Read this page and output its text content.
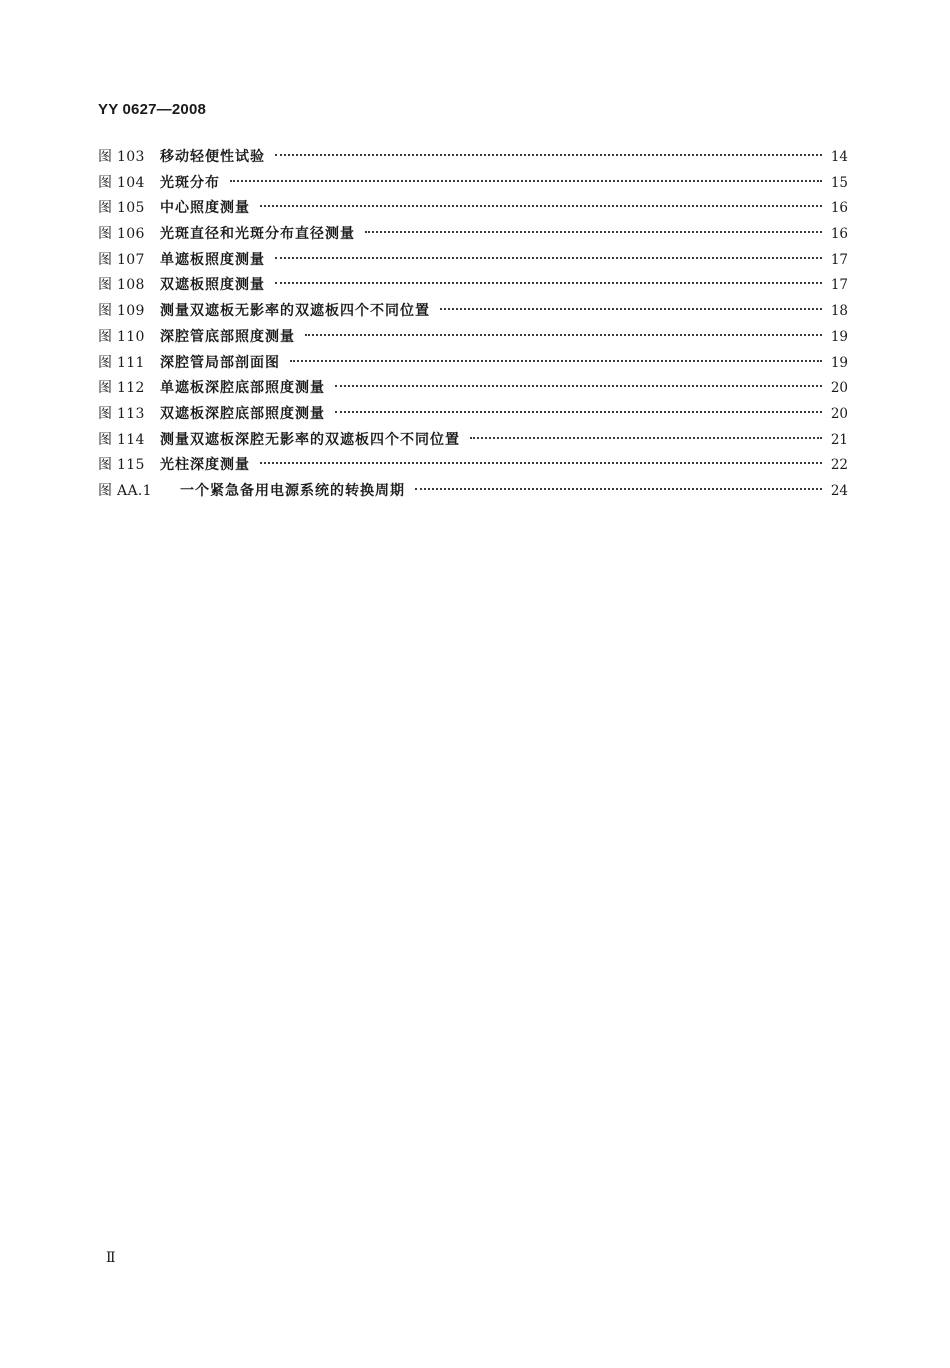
YY 0627—2008
图 103	移动轻便性试验	14
图 104	光斑分布	15
图 105	中心照度测量	16
图 106	光斑直径和光斑分布直径测量	16
图 107	单遮板照度测量	17
图 108	双遮板照度测量	17
图 109	测量双遮板无影率的双遮板四个不同位置	18
图 110	深腔管底部照度测量	19
图 111	深腔管局部剖面图	19
图 112	单遮板深腔底部照度测量	20
图 113	双遮板深腔底部照度测量	20
图 114	测量双遮板深腔无影率的双遮板四个不同位置	21
图 115	光柱深度测量	22
图 AA.1	一个紧急备用电源系统的转换周期	24
Ⅱ
